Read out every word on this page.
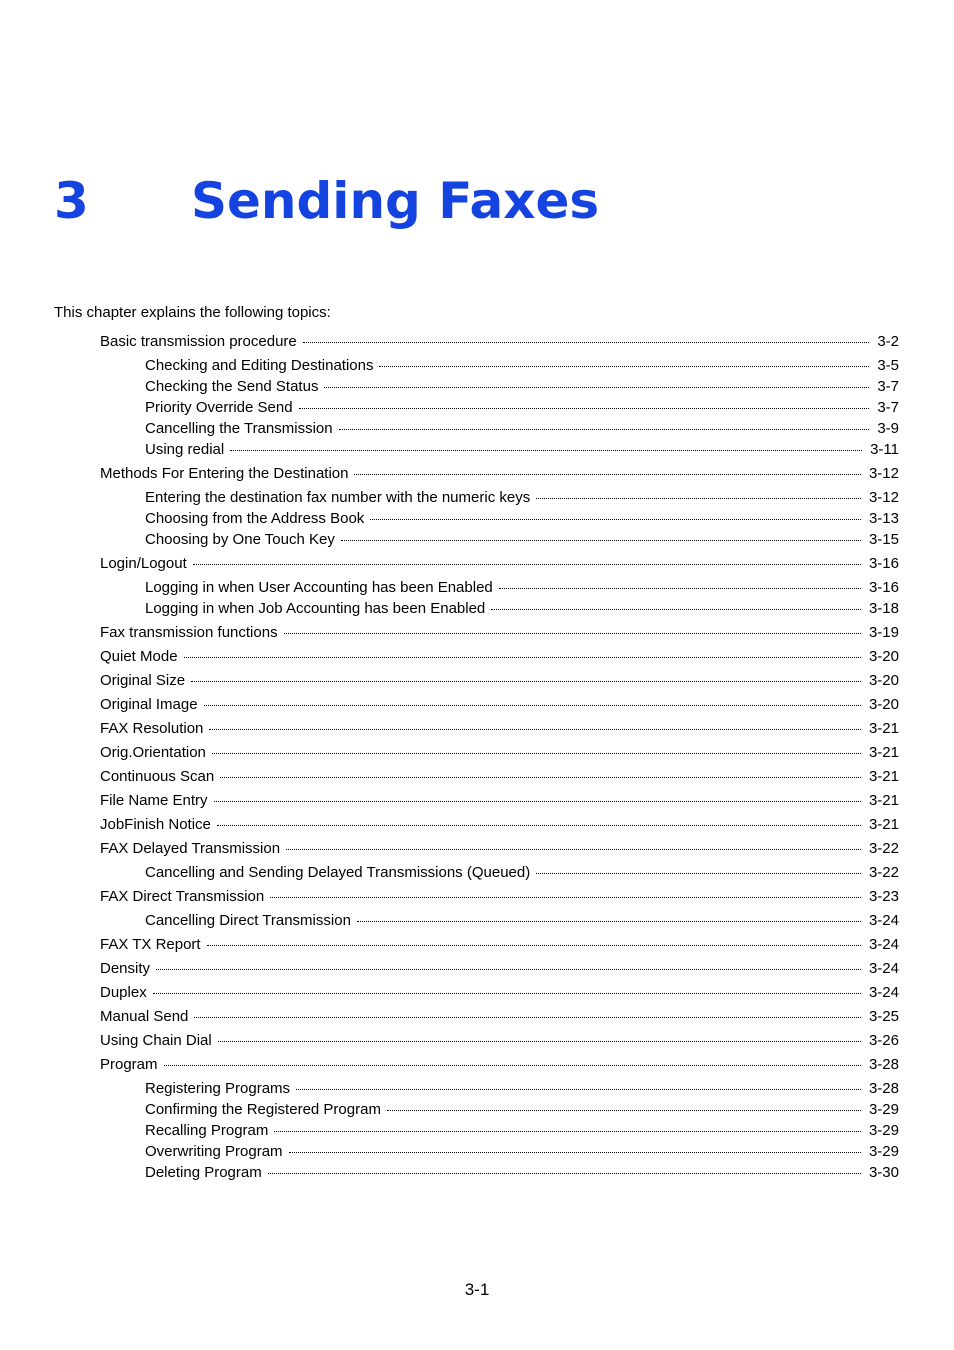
3 Sending Faxes

This chapter explains the following topics:

Basic transmission procedure	3-2
Checking and Editing Destinations	3-5
Checking the Send Status	3-7
Priority Override Send	3-7
Cancelling the Transmission	3-9
Using redial	3-11
Methods For Entering the Destination	3-12
Entering the destination fax number with the numeric keys	3-12
Choosing from the Address Book	3-13
Choosing by One Touch Key	3-15
Login/Logout	3-16
Logging in when User Accounting has been Enabled	3-16
Logging in when Job Accounting has been Enabled	3-18
Fax transmission functions	3-19
Quiet Mode	3-20
Original Size	3-20
Original Image	3-20
FAX Resolution	3-21
Orig.Orientation	3-21
Continuous Scan	3-21
File Name Entry	3-21
JobFinish Notice	3-21
FAX Delayed Transmission	3-22
Cancelling and Sending Delayed Transmissions (Queued)	3-22
FAX Direct Transmission	3-23
Cancelling Direct Transmission	3-24
FAX TX Report	3-24
Density	3-24
Duplex	3-24
Manual Send	3-25
Using Chain Dial	3-26
Program	3-28
Registering Programs	3-28
Confirming the Registered Program	3-29
Recalling Program	3-29
Overwriting Program	3-29
Deleting Program	3-30

3-1
